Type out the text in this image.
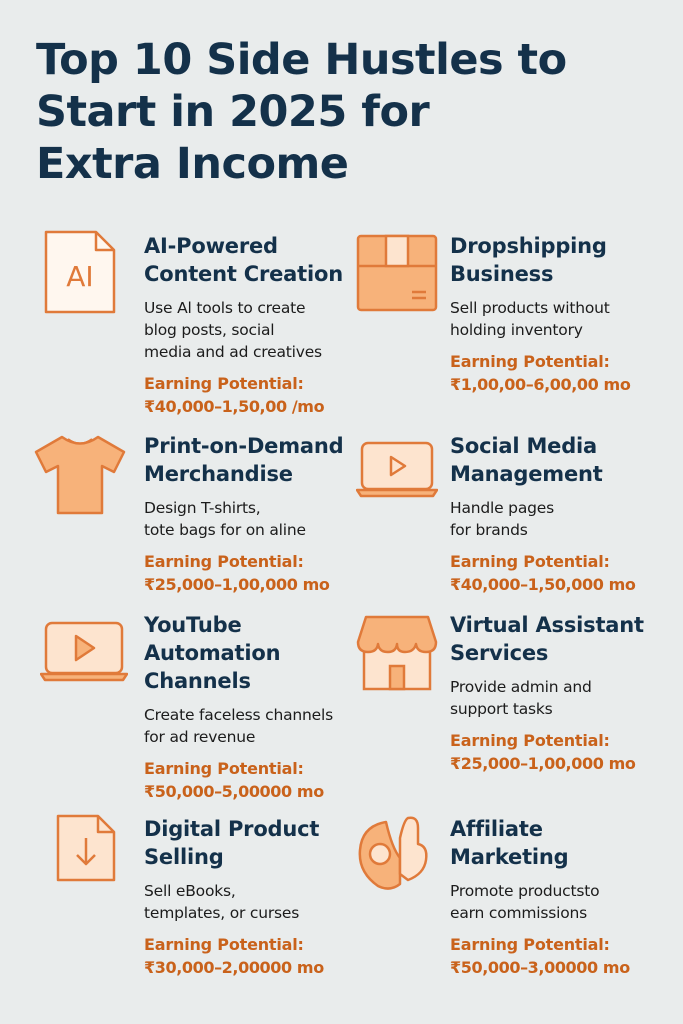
Top 10 Side Hustles to
Start in 2025 for
Extra Income
AI
AI-Powered
Content Creation
Use Al tools to create
blog posts, social
media and ad creatives
Earning Potential:
₹40,000–1,50,00 /mo
Dropshipping
Business
Sell products without
holding inventory
Earning Potential:
₹1,00,00–6,00,00 mo
Print-on-Demand
Merchandise
Design T-shirts,
tote bags for on aline
Earning Potential:
₹25,000–1,00,000 mo
Social Media
Management
Handle pages
for brands
Earning Potential:
₹40,000–1,50,000 mo
YouTube
Automation
Channels
Create faceless channels
for ad revenue
Earning Potential:
₹50,000–5,00000 mo
Virtual Assistant
Services
Provide admin and
support tasks
Earning Potential:
₹25,000–1,00,000 mo
Digital Product
Selling
Sell eBooks,
templates, or curses
Earning Potential:
₹30,000–2,00000 mo
Affiliate
Marketing
Promote productsto
earn commissions
Earning Potential:
₹50,000–3,00000 mo
